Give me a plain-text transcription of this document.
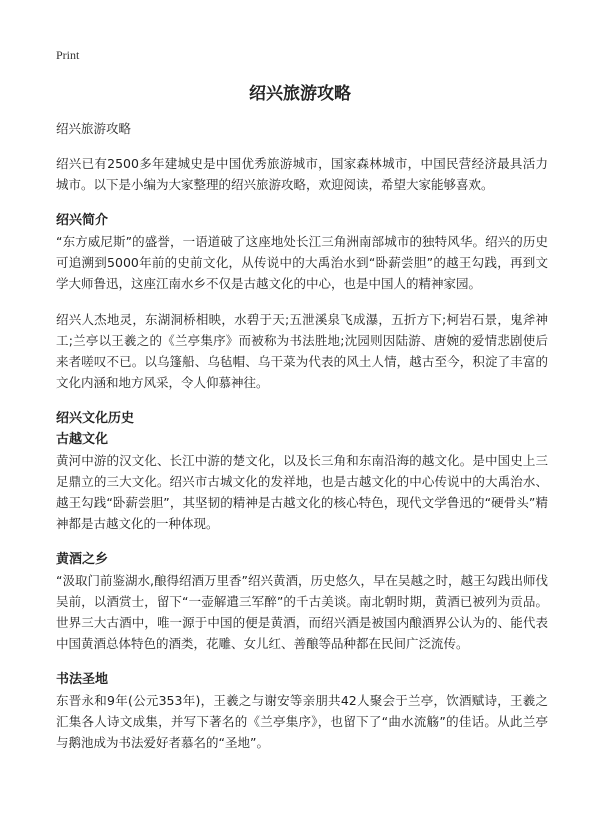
Print
绍兴旅游攻略

绍兴旅游攻略

绍兴已有2500多年建城史是中国优秀旅游城市，国家森林城市，中国民营经济最具活力城市。以下是小编为大家整理的绍兴旅游攻略，欢迎阅读，希望大家能够喜欢。

绍兴简介

“东方威尼斯”的盛誉，一语道破了这座地处长江三角洲南部城市的独特风华。绍兴的历史可追溯到5000年前的史前文化，从传说中的大禹治水到“卧薪尝胆”的越王勾践，再到文学大师鲁迅，这座江南水乡不仅是古越文化的中心，也是中国人的精神家园。

绍兴人杰地灵，东湖洞桥相映，水碧于天;五泄溪泉飞成瀑，五折方下;柯岩石景，鬼斧神工;兰亭以王羲之的《兰亭集序》而被称为书法胜地;沈园则因陆游、唐婉的爱情悲剧使后来者嗟叹不已。以乌篷船、乌毡帽、乌干菜为代表的风土人情，越古至今，积淀了丰富的文化内涵和地方风采，令人仰慕神往。

绍兴文化历史

古越文化

黄河中游的汉文化、长江中游的楚文化，以及长三角和东南沿海的越文化。是中国史上三足鼎立的三大文化。绍兴市古城文化的发祥地，也是古越文化的中心传说中的大禹治水、越王勾践“卧薪尝胆”，其坚韧的精神是古越文化的核心特色，现代文学鲁迅的“硬骨头”精神都是古越文化的一种体现。

黄酒之乡

“汲取门前鉴湖水,酿得绍酒万里香”绍兴黄酒，历史悠久，早在吴越之时，越王勾践出师伐吴前，以酒赏士，留下“一壶解遣三军醉”的千古美谈。南北朝时期，黄酒已被列为贡品。世界三大古酒中，唯一源于中国的便是黄酒，而绍兴酒是被国内酿酒界公认为的、能代表中国黄酒总体特色的酒类，花雕、女儿红、善酿等品种都在民间广泛流传。

书法圣地

东晋永和9年(公元353年)，王羲之与谢安等亲朋共42人聚会于兰亭，饮酒赋诗，王羲之汇集各人诗文成集，并写下著名的《兰亭集序》，也留下了“曲水流觞”的佳话。从此兰亭与鹅池成为书法爱好者慕名的“圣地”。
